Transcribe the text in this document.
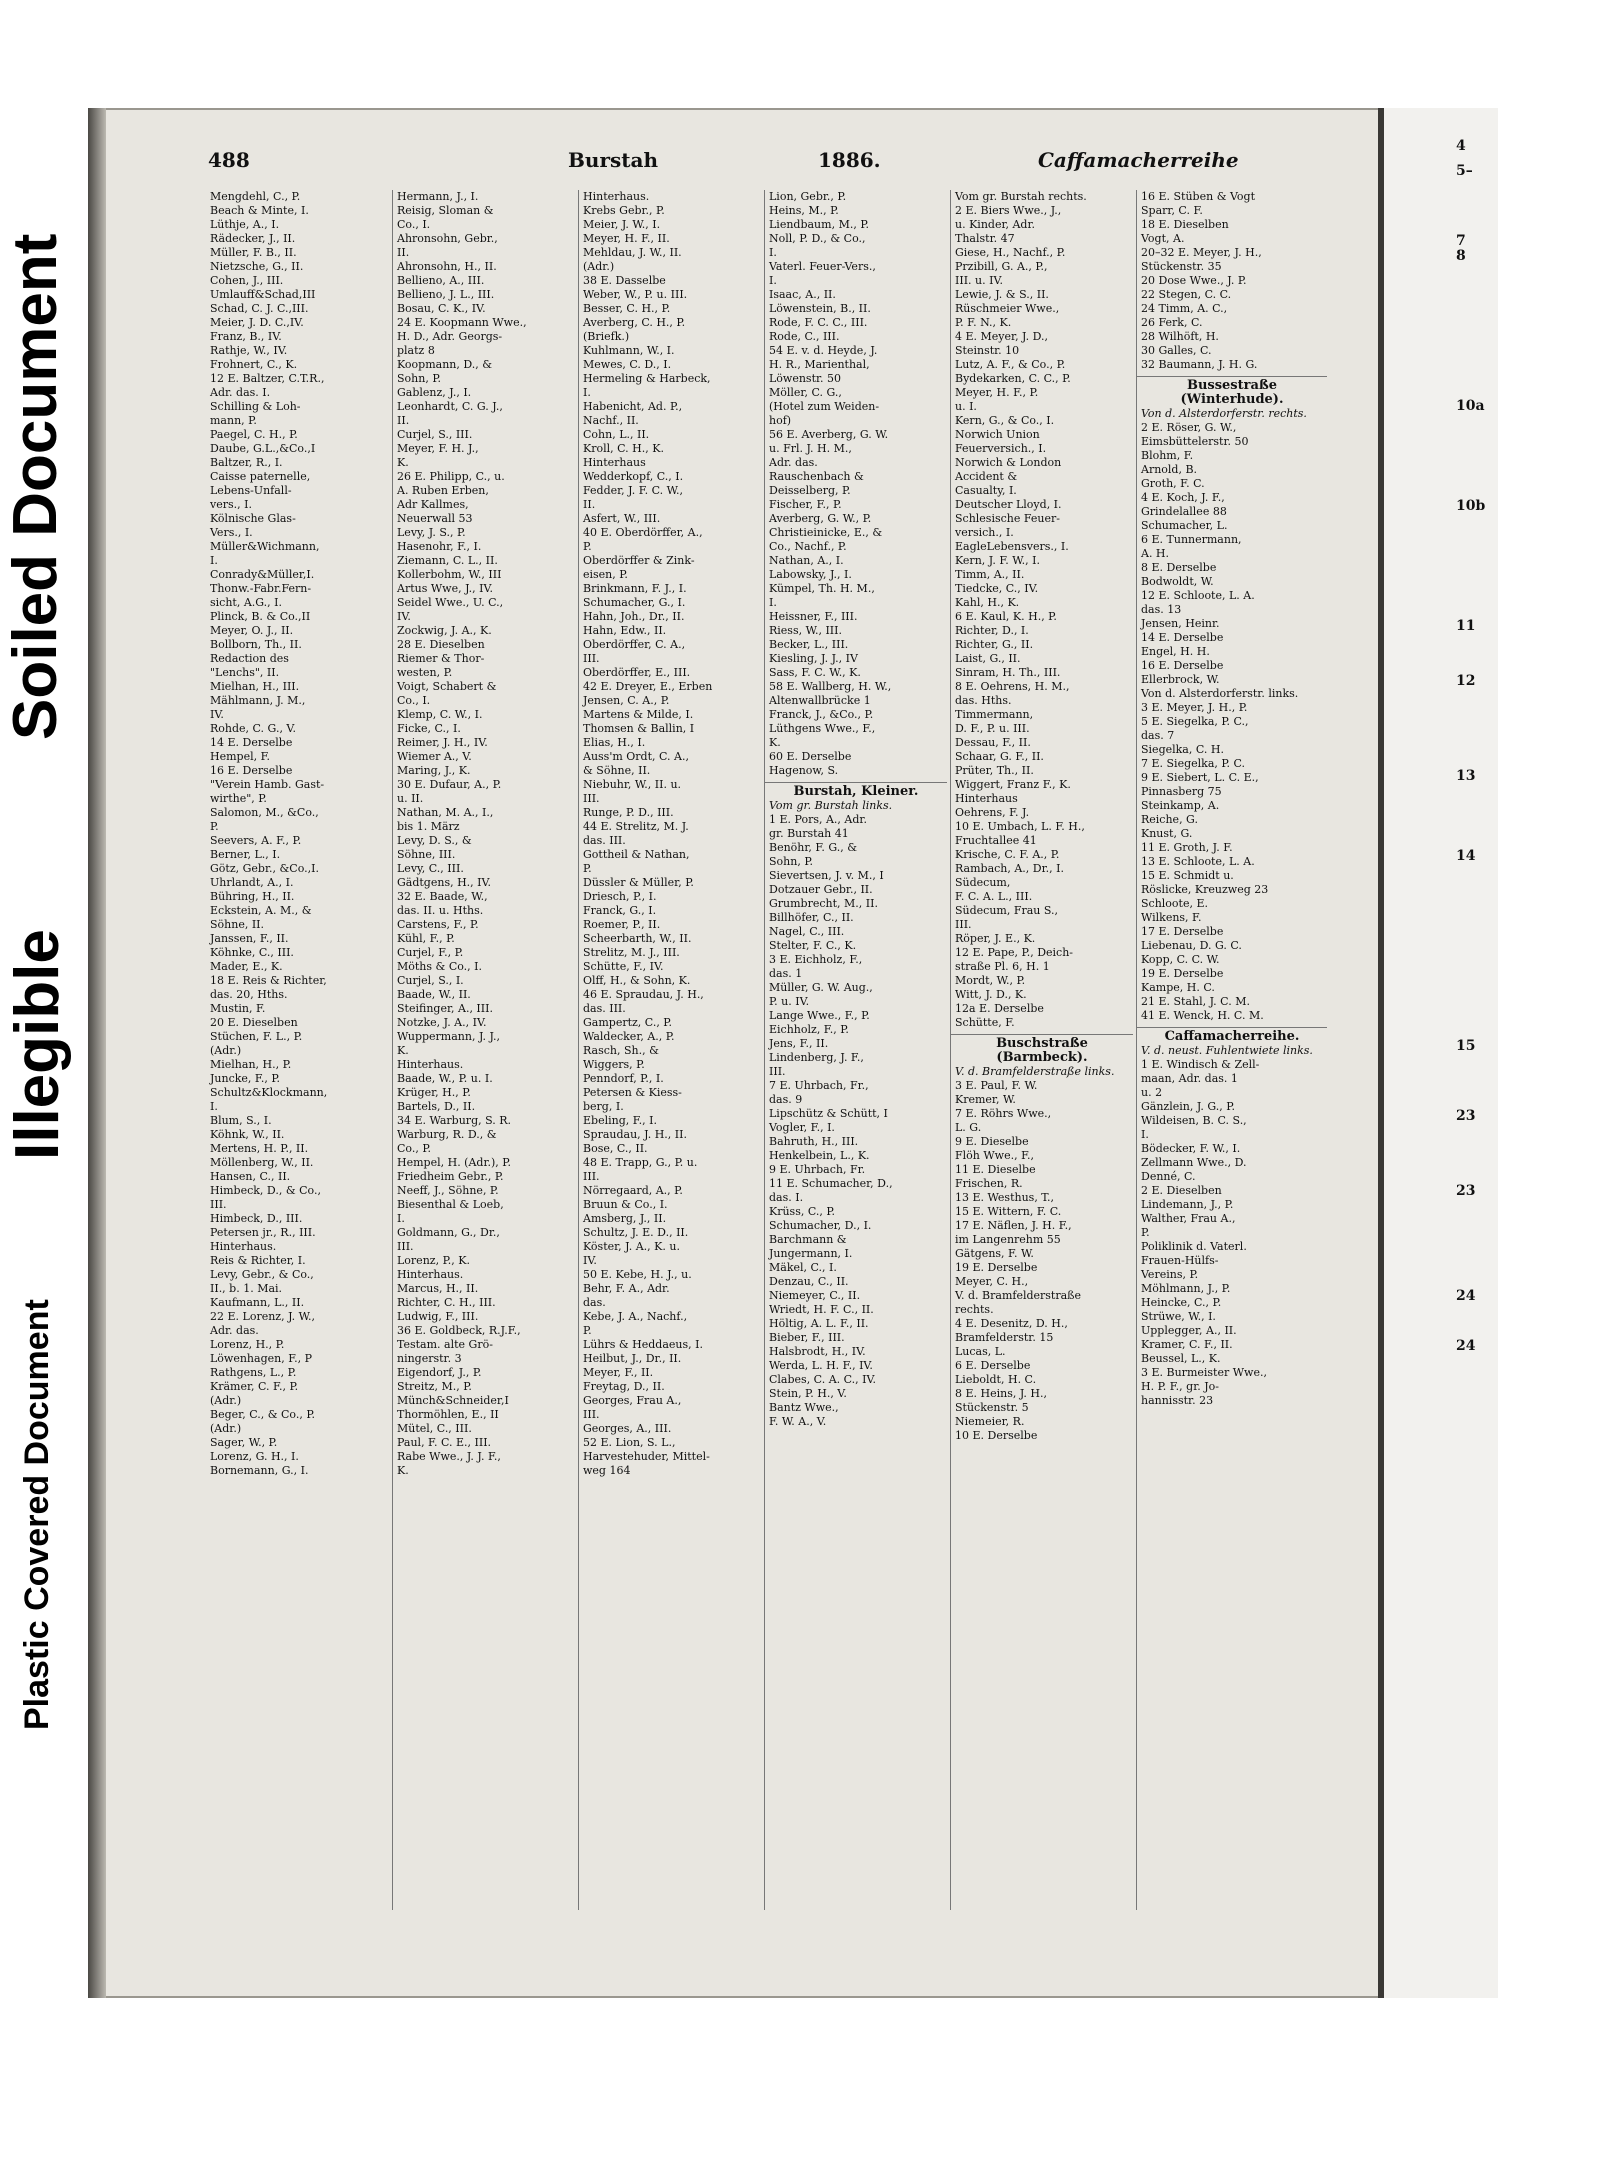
Soiled Document
Illegible
Plastic Covered Document
488	Burstah	1886.	Caffamacherreihe
Mengdehl, C., P.
Beach & Minte, I.
Lüthje, A., I.
Rädecker, J., II.
Müller, F. B., II.
Nietzsche, G., II.
Cohen, J., III.
Umlauff&Schad,III
Schad, C. J. C.,III.
Meier, J. D. C.,IV.
Franz, B., IV.
Rathje, W., IV.
Frohnert, C., K.
12 E. Baltzer, C.T.R.,
Adr. das. I.
Schilling & Loh-
mann, P.
Paegel, C. H., P.
Daube, G.L.,&Co.,I
Baltzer, R., I.
Caisse paternelle,
Lebens-Unfall-
vers., I.
Kölnische Glas-
Vers., I.
Müller&Wichmann,
I.
Conrady&Müller,I.
Thonw.-Fabr.Fern-
sicht, A.G., I.
Plinck, B. & Co.,II
Meyer, O. J., II.
Bollborn, Th., II.
Redaction des
"Lenchs", II.
Mielhan, H., III.
Mählmann, J. M.,
IV.
Rohde, C. G., V.
14 E. Derselbe
Hempel, F.
16 E. Derselbe
"Verein Hamb. Gast-
wirthe", P.
Salomon, M., &Co.,
P.
Seevers, A. F., P.
Berner, L., I.
Götz, Gebr., &Co.,I.
Uhrlandt, A., I.
Bühring, H., II.
Eckstein, A. M., &
Söhne, II.
Janssen, F., II.
Köhnke, C., III.
Mader, E., K.
18 E. Reis & Richter,
das. 20, Hths.
Mustin, F.
20 E. Dieselben
Stüchen, F. L., P.
(Adr.)
Mielhan, H., P.
Juncke, F., P.
Schultz&Klockmann,
I.
Blum, S., I.
Köhnk, W., II.
Mertens, H. P., II.
Möllenberg, W., II.
Hansen, C., II.
Himbeck, D., & Co.,
III.
Himbeck, D., III.
Petersen jr., R., III.
Hinterhaus.
Reis & Richter, I.
Levy, Gebr., & Co.,
II., b. 1. Mai.
Kaufmann, L., II.
22 E. Lorenz, J. W.,
Adr. das.
Lorenz, H., P.
Löwenhagen, F., P
Rathgens, L., P.
Krämer, C. F., P.
(Adr.)
Beger, C., & Co., P.
(Adr.)
Sager, W., P.
Lorenz, G. H., I.
Bornemann, G., I.
Hermann, J., I.
Reisig, Sloman &
Co., I.
Ahronsohn, Gebr.,
II.
Ahronsohn, H., II.
Bellieno, A., III.
Bellieno, J. L., III.
Bosau, C. K., IV.
24 E. Koopmann Wwe.,
H. D., Adr. Georgs-
platz 8
Koopmann, D., &
Sohn, P.
Gablenz, J., I.
Leonhardt, C. G. J.,
II.
Curjel, S., III.
Meyer, F. H. J.,
K.
26 E. Philipp, C., u.
A. Ruben Erben,
Adr Kallmes,
Neuerwall 53
Levy, J. S., P.
Hasenohr, F., I.
Ziemann, C. L., II.
Kollerbohm, W., III
Artus Wwe, J., IV.
Seidel Wwe., U. C.,
IV.
Zockwig, J. A., K.
28 E. Dieselben
Riemer & Thor-
westen, P.
Voigt, Schabert &
Co., I.
Klemp, C. W., I.
Ficke, C., I.
Reimer, J. H., IV.
Wiemer A., V.
Maring, J., K.
30 E. Dufaur, A., P.
u. II.
Nathan, M. A., I.,
bis 1. März
Levy, D. S., &
Söhne, III.
Levy, C., III.
Gädtgens, H., IV.
32 E. Baade, W.,
das. II. u. Hths.
Carstens, F., P.
Kühl, F., P.
Curjel, F., P.
Möths & Co., I.
Curjel, S., I.
Baade, W., II.
Steifinger, A., III.
Notzke, J. A., IV.
Wuppermann, J. J.,
K.
Hinterhaus.
Baade, W., P. u. I.
Krüger, H., P.
Bartels, D., II.
34 E. Warburg, S. R.
Warburg, R. D., &
Co., P.
Hempel, H. (Adr.), P.
Friedheim Gebr., P.
Neeff, J., Söhne, P.
Biesenthal & Loeb,
I.
Goldmann, G., Dr.,
III.
Lorenz, P., K.
Hinterhaus.
Marcus, H., II.
Richter, C. H., III.
Ludwig, F., III.
36 E. Goldbeck, R.J.F.,
Testam. alte Grö-
ningerstr. 3
Eigendorf, J., P.
Streitz, M., P.
Münch&Schneider,I
Thormöhlen, E., II
Mütel, C., III.
Paul, F. C. E., III.
Rabe Wwe., J. J. F.,
K.
Hinterhaus.
Krebs Gebr., P.
Meier, J. W., I.
Meyer, H. F., II.
Mehldau, J. W., II.
(Adr.)
38 E. Dasselbe
Weber, W., P. u. III.
Besser, C. H., P.
Averberg, C. H., P.
(Briefk.)
Kuhlmann, W., I.
Mewes, C. D., I.
Hermeling & Harbeck,
I.
Habenicht, Ad. P.,
Nachf., II.
Cohn, L., II.
Kroll, C. H., K.
Hinterhaus
Wedderkopf, C., I.
Fedder, J. F. C. W.,
II.
Asfert, W., III.
40 E. Oberdörffer, A.,
P.
Oberdörffer & Zink-
eisen, P.
Brinkmann, F. J., I.
Schumacher, G., I.
Hahn, Joh., Dr., II.
Hahn, Edw., II.
Oberdörffer, C. A.,
III.
Oberdörffer, E., III.
42 E. Dreyer, E., Erben
Jensen, C. A., P.
Martens & Milde, I.
Thomsen & Ballin, I
Elias, H., I.
Auss'm Ordt, C. A.,
& Söhne, II.
Niebuhr, W., II. u.
III.
Runge, P. D., III.
44 E. Strelitz, M. J.
das. III.
Gottheil & Nathan,
P.
Düssler & Müller, P.
Driesch, P., I.
Franck, G., I.
Roemer, P., II.
Scheerbarth, W., II.
Strelitz, M. J., III.
Schütte, F., IV.
Olff, H., & Sohn, K.
46 E. Spraudau, J. H.,
das. III.
Gampertz, C., P.
Waldecker, A., P.
Rasch, Sh., &
Wiggers, P.
Penndorf, P., I.
Petersen & Kiess-
berg, I.
Ebeling, F., I.
Spraudau, J. H., II.
Bose, C., II.
48 E. Trapp, G., P. u.
III.
Nörregaard, A., P.
Bruun & Co., I.
Amsberg, J., II.
Schultz, J. E. D., II.
Köster, J. A., K. u.
IV.
50 E. Kebe, H. J., u.
Behr, F. A., Adr.
das.
Kebe, J. A., Nachf.,
P.
Lührs & Heddaeus, I.
Heilbut, J., Dr., II.
Meyer, F., II.
Freytag, D., II.
Georges, Frau A.,
III.
Georges, A., III.
52 E. Lion, S. L.,
Harvestehuder, Mittel-
weg 164
Lion, Gebr., P.
Heins, M., P.
Liendbaum, M., P.
Noll, P. D., & Co.,
I.
Vaterl. Feuer-Vers.,
I.
Isaac, A., II.
Löwenstein, B., II.
Rode, F. C. C., III.
Rode, C., III.
54 E. v. d. Heyde, J.
H. R., Marienthal,
Löwenstr. 50
Möller, C. G.,
(Hotel zum Weiden-
hof)
56 E. Averberg, G. W.
u. Frl. J. H. M.,
Adr. das.
Rauschenbach &
Deisselberg, P.
Fischer, F., P.
Averberg, G. W., P.
Christieinicke, E., &
Co., Nachf., P.
Nathan, A., I.
Labowsky, J., I.
Kümpel, Th. H. M.,
I.
Heissner, F., III.
Riess, W., III.
Becker, L., III.
Kiesling, J. J., IV
Sass, F. C. W., K.
58 E. Wallberg, H. W.,
Altenwallbrücke 1
Franck, J., &Co., P.
Lüthgens Wwe., F.,
K.
60 E. Derselbe
Hagenow, S.
Burstah, Kleiner.
Vom gr. Burstah links.
1 E. Pors, A., Adr.
gr. Burstah 41
Benöhr, F. G., &
Sohn, P.
Sievertsen, J. v. M., I
Dotzauer Gebr., II.
Grumbrecht, M., II.
Billhöfer, C., II.
Nagel, C., III.
Stelter, F. C., K.
3 E. Eichholz, F.,
das. 1
Müller, G. W. Aug.,
P. u. IV.
Lange Wwe., F., P.
Eichholz, F., P.
Jens, F., II.
Lindenberg, J. F.,
III.
7 E. Uhrbach, Fr.,
das. 9
Lipschütz & Schütt, I
Vogler, F., I.
Bahruth, H., III.
Henkelbein, L., K.
9 E. Uhrbach, Fr.
11 E. Schumacher, D.,
das. I.
Krüss, C., P.
Schumacher, D., I.
Barchmann &
Jungermann, I.
Mäkel, C., I.
Denzau, C., II.
Niemeyer, C., II.
Wriedt, H. F. C., II.
Höltig, A. L. F., II.
Bieber, F., III.
Halsbrodt, H., IV.
Werda, L. H. F., IV.
Clabes, C. A. C., IV.
Stein, P. H., V.
Bantz Wwe.,
F. W. A., V.
Vom gr. Burstah rechts.
2 E. Biers Wwe., J.,
u. Kinder, Adr.
Thalstr. 47
Giese, H., Nachf., P.
Przibill, G. A., P.,
III. u. IV.
Lewie, J. & S., II.
Rüschmeier Wwe.,
P. F. N., K.
4 E. Meyer, J. D.,
Steinstr. 10
Lutz, A. F., & Co., P.
Bydekarken, C. C., P.
Meyer, H. F., P.
u. I.
Kern, G., & Co., I.
Norwich Union
Feuerversich., I.
Norwich & London
Accident &
Casualty, I.
Deutscher Lloyd, I.
Schlesische Feuer-
versich., I.
EagleLebensvers., I.
Kern, J. F. W., I.
Timm, A., II.
Tiedcke, C., IV.
Kahl, H., K.
6 E. Kaul, K. H., P.
Richter, D., I.
Richter, G., II.
Laist, G., II.
Sinram, H. Th., III.
8 E. Oehrens, H. M.,
das. Hths.
Timmermann,
D. F., P. u. III.
Dessau, F., II.
Schaar, G. F., II.
Prüter, Th., II.
Wiggert, Franz F., K.
Hinterhaus
Oehrens, F. J.
10 E. Umbach, L. F. H.,
Fruchtallee 41
Krische, C. F. A., P.
Rambach, A., Dr., I.
Südecum,
F. C. A. L., III.
Südecum, Frau S.,
III.
Röper, J. E., K.
12 E. Pape, P., Deich-
straße Pl. 6, H. 1
Mordt, W., P.
Witt, J. D., K.
12a E. Derselbe
Schütte, F.
Buschstraße (Barmbeck).
V. d. Bramfelderstraße links.
3 E. Paul, F. W.
Kremer, W.
7 E. Röhrs Wwe.,
L. G.
9 E. Dieselbe
Flöh Wwe., F.,
11 E. Dieselbe
Frischen, R.
13 E. Westhus, T.,
15 E. Wittern, F. C.
17 E. Näflen, J. H. F.,
im Langenrehm 55
Gätgens, F. W.
19 E. Derselbe
Meyer, C. H.,
V. d. Bramfelderstraße
rechts.
4 E. Desenitz, D. H.,
Bramfelderstr. 15
Lucas, L.
6 E. Derselbe
Lieboldt, H. C.
8 E. Heins, J. H.,
Stückenstr. 5
Niemeier, R.
10 E. Derselbe
16 E. Stüben & Vogt
Sparr, C. F.
18 E. Dieselben
Vogt, A.
20–32 E. Meyer, J. H.,
Stückenstr. 35
20 Dose Wwe., J. P.
22 Stegen, C. C.
24 Timm, A. C.,
26 Ferk, C.
28 Wilhöft, H.
30 Galles, C.
32 Baumann, J. H. G.
Bussestraße (Winterhude).
Von d. Alsterdorferstr. rechts.
2 E. Röser, G. W.,
Eimsbüttelerstr. 50
Blohm, F.
Arnold, B.
Groth, F. C.
4 E. Koch, J. F.,
Grindelallee 88
Schumacher, L.
6 E. Tunnermann,
A. H.
8 E. Derselbe
Bodwoldt, W.
12 E. Schloote, L. A.
das. 13
Jensen, Heinr.
14 E. Derselbe
Engel, H. H.
16 E. Derselbe
Ellerbrock, W.
Von d. Alsterdorferstr. links.
3 E. Meyer, J. H., P.
5 E. Siegelka, P. C.,
das. 7
Siegelka, C. H.
7 E. Siegelka, P. C.
9 E. Siebert, L. C. E.,
Pinnasberg 75
Steinkamp, A.
Reiche, G.
Knust, G.
11 E. Groth, J. F.
13 E. Schloote, L. A.
15 E. Schmidt u.
Röslicke, Kreuzweg 23
Schloote, E.
Wilkens, F.
17 E. Derselbe
Liebenau, D. G. C.
Kopp, C. C. W.
19 E. Derselbe
Kampe, H. C.
21 E. Stahl, J. C. M.
41 E. Wenck, H. C. M.
Caffamacherreihe.
V. d. neust. Fuhlentwiete links.
1 E. Windisch & Zell-
maan, Adr. das. 1
u. 2
Gänzlein, J. G., P.
Wildeisen, B. C. S.,
I.
Bödecker, F. W., I.
Zellmann Wwe., D.
Denné, C.
2 E. Dieselben
Lindemann, J., P.
Walther, Frau A.,
P.
Poliklinik d. Vaterl.
Frauen-Hülfs-
Vereins, P.
Möhlmann, J., P.
Heincke, C., P.
Strüwe, W., I.
Upplegger, A., II.
Kramer, C. F., II.
Beussel, L., K.
3 E. Burmeister Wwe.,
H. P. F., gr. Jo-
hannisstr. 23
4
5–
7
8
10a
10b
11
12
13
14
15
23
23
24
24
